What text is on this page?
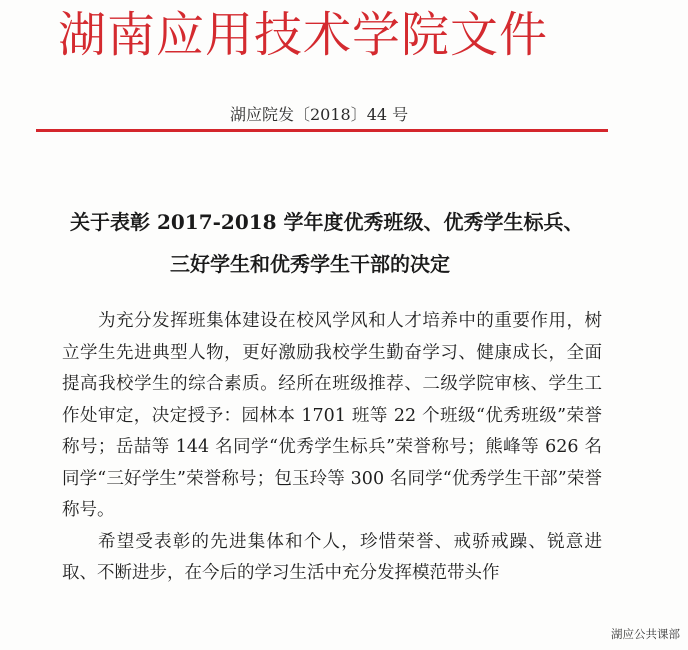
湖南应用技术学院文件
湖应院发〔2018〕44 号
关于表彰 2017-2018 学年度优秀班级、优秀学生标兵、
三好学生和优秀学生干部的决定

为充分发挥班集体建设在校风学风和人才培养中的重要作用，树立学生先进典型人物，更好激励我校学生勤奋学习、健康成长，全面提高我校学生的综合素质。经所在班级推荐、二级学院审核、学生工作处审定，决定授予：园林本 1701 班等 22 个班级“优秀班级”荣誉称号；岳喆等 144 名同学“优秀学生标兵”荣誉称号；熊峰等 626 名同学“三好学生”荣誉称号；包玉玲等 300 名同学“优秀学生干部”荣誉称号。

希望受表彰的先进集体和个人，珍惜荣誉、戒骄戒躁、锐意进取、不断进步，在今后的学习生活中充分发挥模范带头作

湖应公共课部
